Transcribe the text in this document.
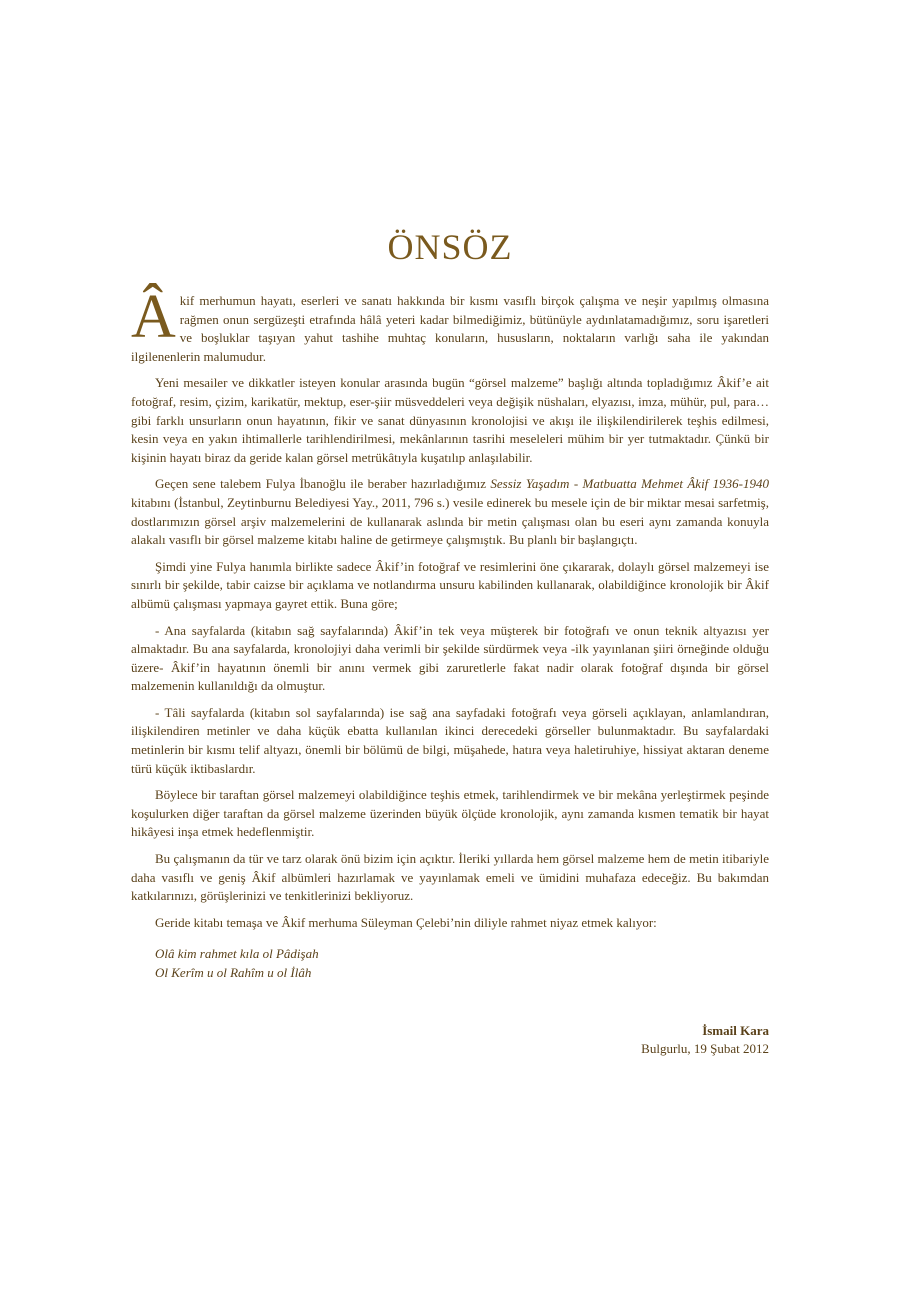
ÖNSÖZ

Âkif merhumun hayatı, eserleri ve sanatı hakkında bir kısmı vasıflı birçok çalışma ve neşir yapılmış olmasına rağmen onun sergüzeşti etrafında hâlâ yeteri kadar bilmediğimiz, bütünüyle aydınlatamadığımız, soru işaretleri ve boşluklar taşıyan yahut tashihe muhtaç konuların, hususların, noktaların varlığı saha ile yakından ilgilenenlerin malumudur.

Yeni mesailer ve dikkatler isteyen konular arasında bugün “görsel malzeme” başlığı altında topladığımız Âkif’e ait fotoğraf, resim, çizim, karikatür, mektup, eser-şiir müsveddeleri veya değişik nüshaları, elyazısı, imza, mühür, pul, para… gibi farklı unsurların onun hayatının, fikir ve sanat dünyasının kronolojisi ve akışı ile ilişkilendirilerek teşhis edilmesi, kesin veya en yakın ihtimallerle tarihlendirilmesi, mekânlarının tasrihi meseleleri mühim bir yer tutmaktadır. Çünkü bir kişinin hayatı biraz da geride kalan görsel metrükâtıyla kuşatılıp anlaşılabilir.

Geçen sene talebem Fulya İbanoğlu ile beraber hazırladığımız Sessiz Yaşadım - Matbuatta Mehmet Âkif 1936-1940 kitabını (İstanbul, Zeytinburnu Belediyesi Yay., 2011, 796 s.) vesile edinerek bu mesele için de bir miktar mesai sarfetmiş, dostlarımızın görsel arşiv malzemelerini de kullanarak aslında bir metin çalışması olan bu eseri aynı zamanda konuyla alakalı vasıflı bir görsel malzeme kitabı haline de getirmeye çalışmıştık. Bu planlı bir başlangıçtı.

Şimdi yine Fulya hanımla birlikte sadece Âkif’in fotoğraf ve resimlerini öne çıkararak, dolaylı görsel malzemeyi ise sınırlı bir şekilde, tabir caizse bir açıklama ve notlandırma unsuru kabilinden kullanarak, olabildiğince kronolojik bir Âkif albümü çalışması yapmaya gayret ettik. Buna göre;

- Ana sayfalarda (kitabın sağ sayfalarında) Âkif’in tek veya müşterek bir fotoğrafı ve onun teknik altyazısı yer almaktadır. Bu ana sayfalarda, kronolojiyi daha verimli bir şekilde sürdürmek veya -ilk yayınlanan şiiri örneğinde olduğu üzere- Âkif’in hayatının önemli bir anını vermek gibi zaruretlerle fakat nadir olarak fotoğraf dışında bir görsel malzemenin kullanıldığı da olmuştur.

- Tâli sayfalarda (kitabın sol sayfalarında) ise sağ ana sayfadaki fotoğrafı veya görseli açıklayan, anlamlandıran, ilişkilendiren metinler ve daha küçük ebatta kullanılan ikinci derecedeki görseller bulunmaktadır. Bu sayfalardaki metinlerin bir kısmı telif altyazı, önemli bir bölümü de bilgi, müşahede, hatıra veya haletiruhiye, hissiyat aktaran deneme türü küçük iktibaslardır.

Böylece bir taraftan görsel malzemeyi olabildiğince teşhis etmek, tarihlendirmek ve bir mekâna yerleştirmek peşinde koşulurken diğer taraftan da görsel malzeme üzerinden büyük ölçüde kronolojik, aynı zamanda kısmen tematik bir hayat hikâyesi inşa etmek hedeflenmiştir.

Bu çalışmanın da tür ve tarz olarak önü bizim için açıktır. İleriki yıllarda hem görsel malzeme hem de metin itibariyle daha vasıflı ve geniş Âkif albümleri hazırlamak ve yayınlamak emeli ve ümidini muhafaza edeceğiz. Bu bakımdan katkılarınızı, görüşlerinizi ve tenkitlerinizi bekliyoruz.

Geride kitabı temaşa ve Âkif merhuma Süleyman Çelebi’nin diliyle rahmet niyaz etmek kalıyor:

Olâ kim rahmet kıla ol Pâdişah
Ol Kerîm u ol Rahîm u ol İlâh
İsmail Kara
Bulgurlu, 19 Şubat 2012
